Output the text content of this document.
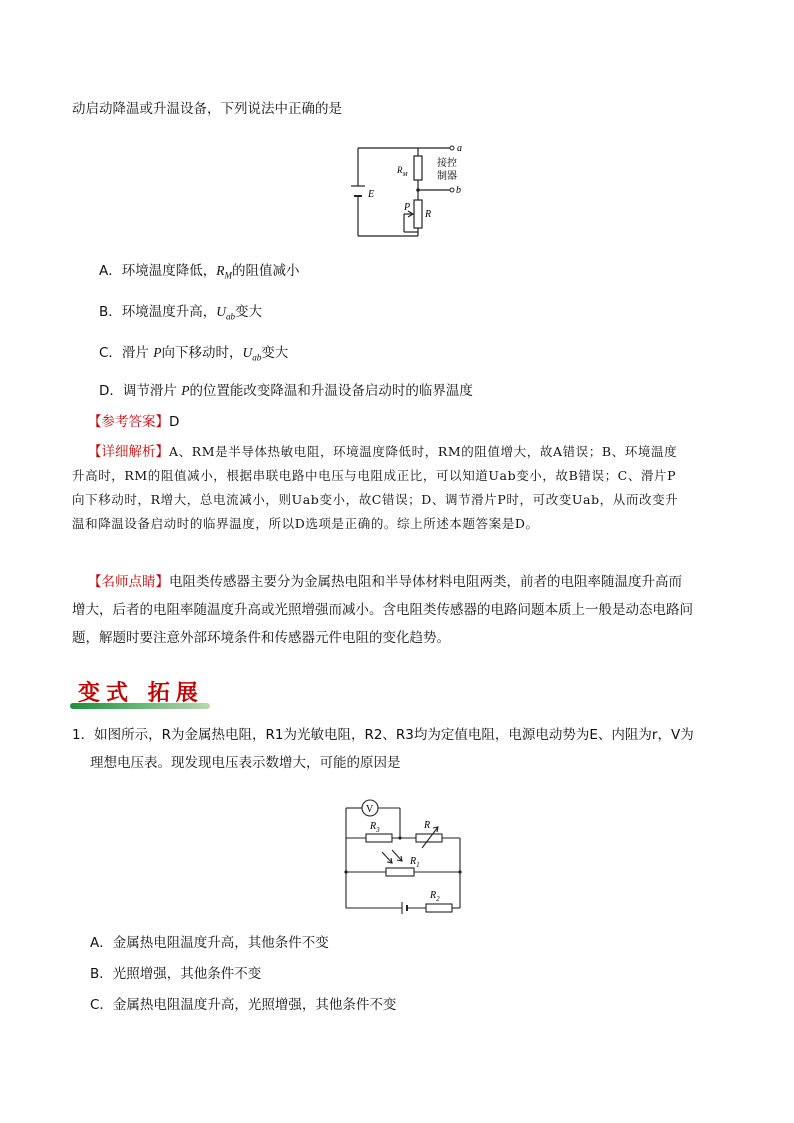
动启动降温或升温设备，下列说法中正确的是
E
$R_M$
R
P
a
b
接控
制器
A．环境温度降低，$R_M$的阻值减小
B．环境温度升高，$U_{ab}$变大
C．滑片 P向下移动时，$U_{ab}$变大
D．调节滑片 P的位置能改变降温和升温设备启动时的临界温度
【参考答案】D
【详细解析】A、RM是半导体热敏电阻，环境温度降低时，RM的阻值增大，故A错误；B、环境温度
升高时，RM的阻值减小，根据串联电路中电压与电阻成正比，可以知道Uab变小，故B错误；C、滑片P
向下移动时，R增大，总电流减小，则Uab变小，故C错误；D、调节滑片P时，可改变Uab，从而改变升
温和降温设备启动时的临界温度，所以D选项是正确的。综上所述本题答案是D。
【名师点睛】电阻类传感器主要分为金属热电阻和半导体材料电阻两类，前者的电阻率随温度升高而
增大，后者的电阻率随温度升高或光照增强而减小。含电阻类传感器的电路问题本质上一般是动态电路问
题，解题时要注意外部环境条件和传感器元件电阻的变化趋势。
变式 拓展
1．如图所示，R为金属热电阻，R1为光敏电阻，R2、R3均为定值电阻，电源电动势为E、内阻为r，V为
理想电压表。现发现电压表示数增大，可能的原因是
V
$R_3$	R
$R_1$
$R_2$
A．金属热电阻温度升高，其他条件不变
B．光照增强，其他条件不变
C．金属热电阻温度升高，光照增强，其他条件不变
